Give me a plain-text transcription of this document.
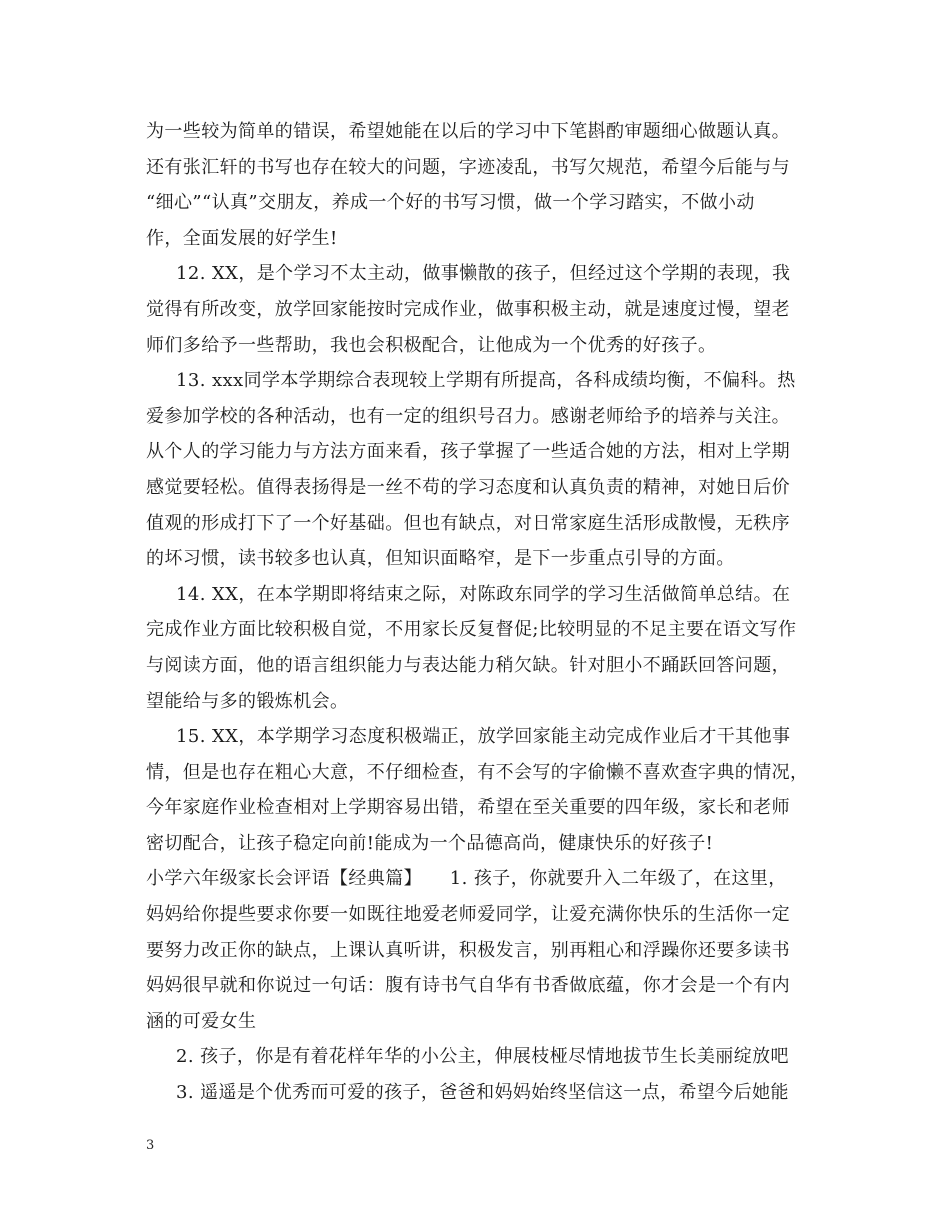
为一些较为简单的错误，希望她能在以后的学习中下笔斟酌审题细心做题认真。
还有张汇轩的书写也存在较大的问题，字迹凌乱，书写欠规范，希望今后能与与
“细心”“认真”交朋友，养成一个好的书写习惯，做一个学习踏实，不做小动
作，全面发展的好学生!
12. XX，是个学习不太主动，做事懒散的孩子，但经过这个学期的表现，我
觉得有所改变，放学回家能按时完成作业，做事积极主动，就是速度过慢，望老
师们多给予一些帮助，我也会积极配合，让他成为一个优秀的好孩子。
13. xxx同学本学期综合表现较上学期有所提高，各科成绩均衡，不偏科。热
爱参加学校的各种活动，也有一定的组织号召力。感谢老师给予的培养与关注。
从个人的学习能力与方法方面来看，孩子掌握了一些适合她的方法，相对上学期
感觉要轻松。值得表扬得是一丝不苟的学习态度和认真负责的精神，对她日后价
值观的形成打下了一个好基础。但也有缺点，对日常家庭生活形成散慢，无秩序
的坏习惯，读书较多也认真，但知识面略窄，是下一步重点引导的方面。
14. XX，在本学期即将结束之际，对陈政东同学的学习生活做简单总结。在
完成作业方面比较积极自觉，不用家长反复督促;比较明显的不足主要在语文写作
与阅读方面，他的语言组织能力与表达能力稍欠缺。针对胆小不踊跃回答问题，
望能给与多的锻炼机会。
15. XX，本学期学习态度积极端正，放学回家能主动完成作业后才干其他事
情，但是也存在粗心大意，不仔细检查，有不会写的字偷懒不喜欢查字典的情况，
今年家庭作业检查相对上学期容易出错，希望在至关重要的四年级，家长和老师
密切配合，让孩子稳定向前!能成为一个品德高尚，健康快乐的好孩子!
小学六年级家长会评语【经典篇】　　1. 孩子，你就要升入二年级了，在这里，
妈妈给你提些要求你要一如既往地爱老师爱同学，让爱充满你快乐的生活你一定
要努力改正你的缺点，上课认真听讲，积极发言，别再粗心和浮躁你还要多读书
妈妈很早就和你说过一句话：腹有诗书气自华有书香做底蕴，你才会是一个有内
涵的可爱女生
2. 孩子，你是有着花样年华的小公主，伸展枝桠尽情地拔节生长美丽绽放吧
3. 遥遥是个优秀而可爱的孩子，爸爸和妈妈始终坚信这一点，希望今后她能
3
